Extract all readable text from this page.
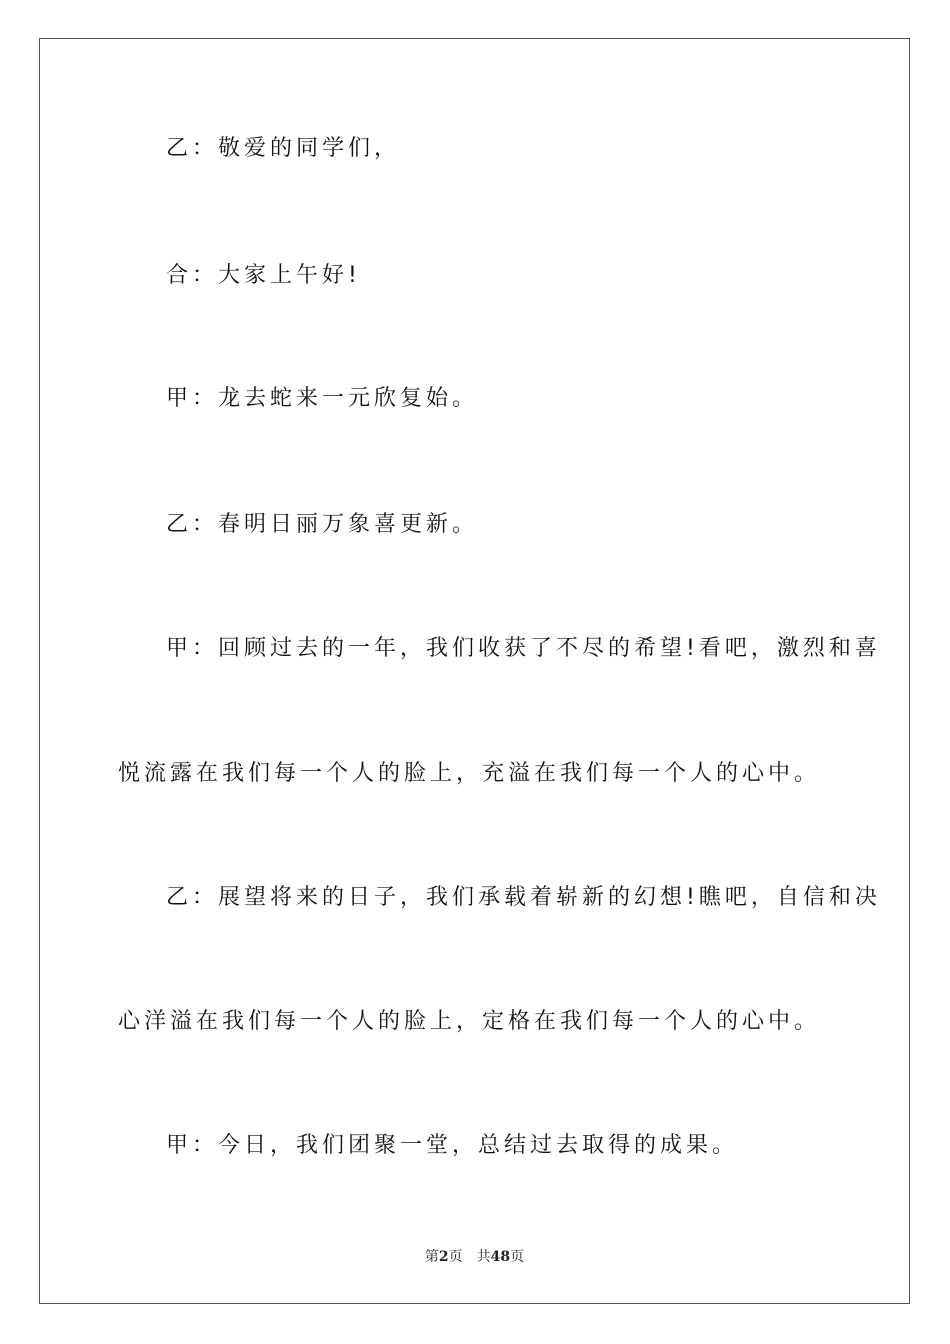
乙：敬爱的同学们，

合：大家上午好!

甲：龙去蛇来一元欣复始。

乙：春明日丽万象喜更新。

甲：回顾过去的一年，我们收获了不尽的希望!看吧，激烈和喜

悦流露在我们每一个人的脸上，充溢在我们每一个人的心中。

乙：展望将来的日子，我们承载着崭新的幻想!瞧吧，自信和决

心洋溢在我们每一个人的脸上，定格在我们每一个人的心中。

甲：今日，我们团聚一堂，总结过去取得的成果。

第2页 共48页
